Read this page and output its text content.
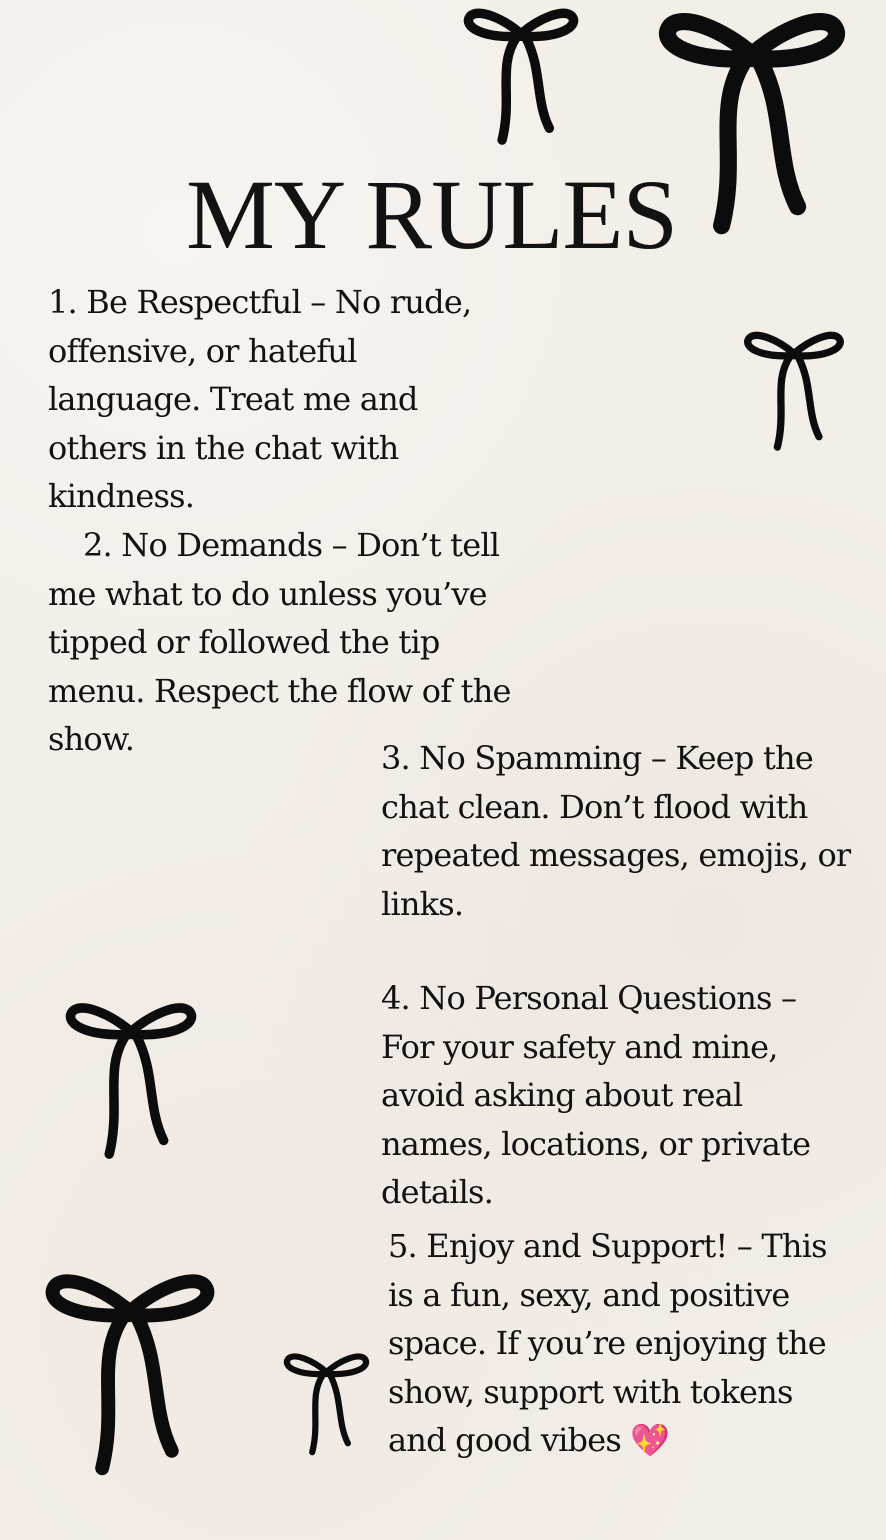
MY RULES
1. Be Respectful – No rude, offensive, or hateful language. Treat me and others in the chat with kindness.
2. No Demands – Don’t tell me what to do unless you’ve tipped or followed the tip menu. Respect the flow of the show.	3. No Spamming – Keep the chat clean. Don’t flood with repeated messages, emojis, or links.
4. No Personal Questions – For your safety and mine, avoid asking about real names, locations, or private details.
5. Enjoy and Support! – This is a fun, sexy, and positive space. If you’re enjoying the show, support with tokens and good vibes 💖
